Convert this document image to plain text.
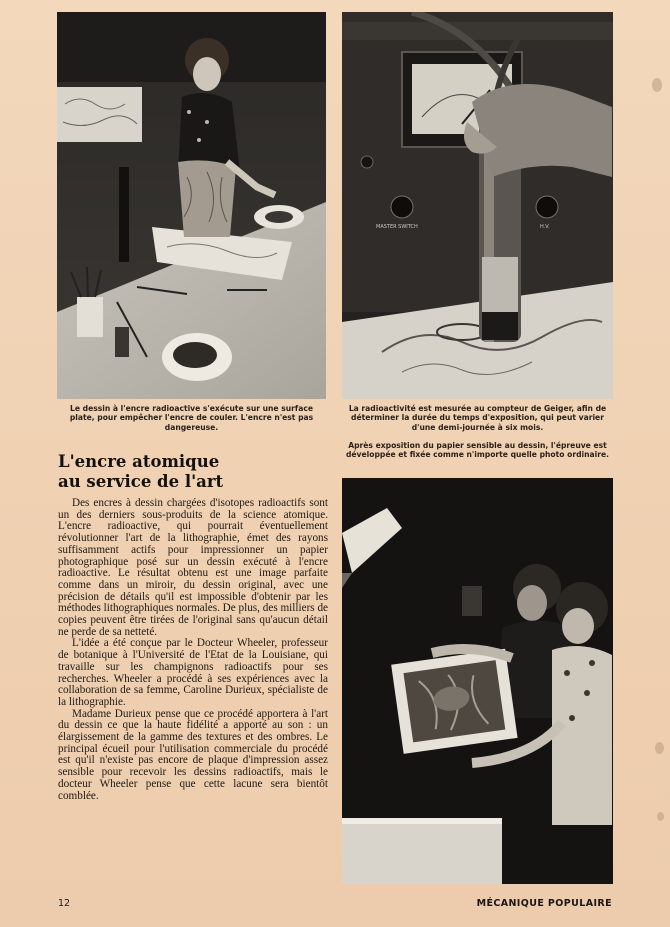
MASTER SWITCH	H.V.

Le dessin à l'encre radioactive s'exécute sur une surface plate, pour empêcher l'encre de couler. L'encre n'est pas dangereuse.

La radioactivité est mesurée au compteur de Geiger, afin de déterminer la durée du temps d'exposition, qui peut varier d'une demi-journée à six mois.

Après exposition du papier sensible au dessin, l'épreuve est développée et fixée comme n'importe quelle photo ordinaire.

L'encre atomique
au service de l'art

Des encres à dessin chargées d'isotopes radioactifs sont un des derniers sous-produits de la science atomique. L'encre radioactive, qui pourrait éventuellement révolutionner l'art de la lithographie, émet des rayons suffisamment actifs pour impressionner un papier photographique posé sur un dessin exécuté à l'encre radioactive. Le résultat obtenu est une image parfaite comme dans un miroir, du dessin original, avec une précision de détails qu'il est impossible d'obtenir par les méthodes lithographiques normales. De plus, des milliers de copies peuvent être tirées de l'original sans qu'aucun détail ne perde de sa netteté.

L'idée a été conçue par le Docteur Wheeler, professeur de botanique à l'Université de l'Etat de la Louisiane, qui travaille sur les champignons radioactifs pour ses recherches. Wheeler a procédé à ses expériences avec la collaboration de sa femme, Caroline Durieux, spécialiste de la lithographie.

Madame Durieux pense que ce procédé apportera à l'art du dessin ce que la haute fidélité a apporté au son : un élargissement de la gamme des textures et des ombres. Le principal écueil pour l'utilisation commerciale du procédé est qu'il n'existe pas encore de plaque d'impression assez sensible pour recevoir les dessins radioactifs, mais le docteur Wheeler pense que cette lacune sera bientôt comblée.

12	MÉCANIQUE POPULAIRE
